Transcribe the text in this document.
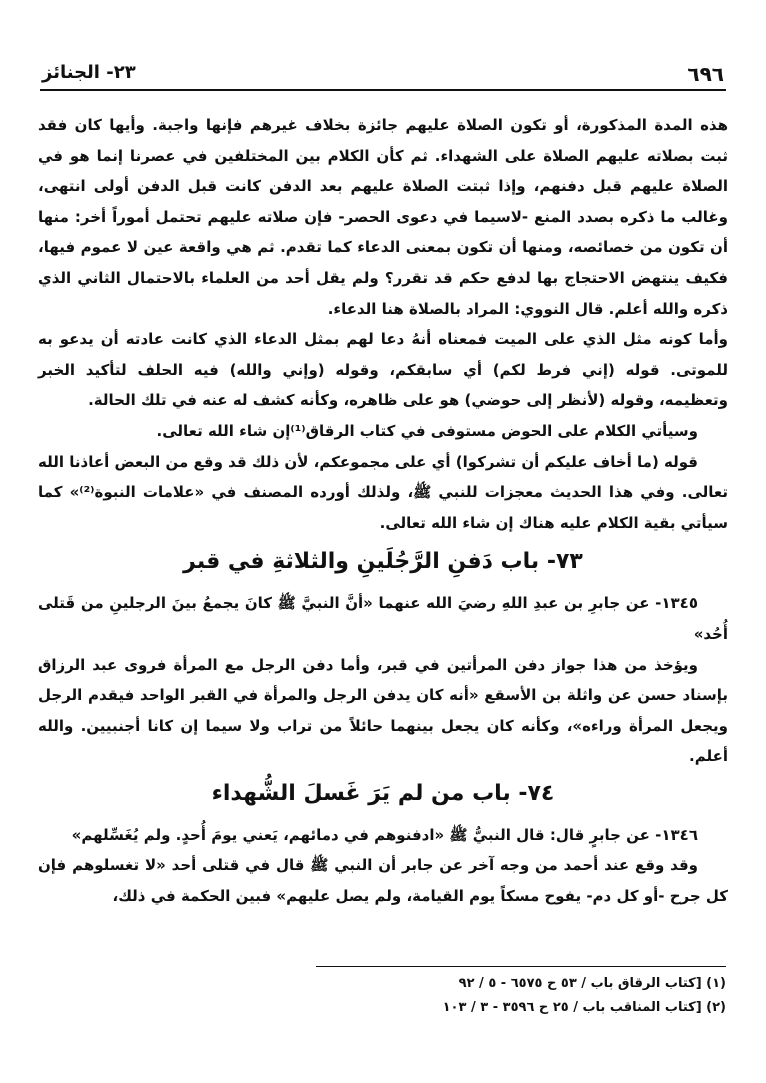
٦٩٦
٢٣- الجنائز

هذه المدة المذكورة، أو تكون الصلاة عليهم جائزة بخلاف غيرهم فإنها واجبة. وأيها كان فقد ثبت بصلاته عليهم الصلاة على الشهداء. ثم كأن الكلام بين المختلفين في عصرنا إنما هو في الصلاة عليهم قبل دفنهم، وإذا ثبتت الصلاة عليهم بعد الدفن كانت قبل الدفن أولى انتهى، وغالب ما ذكره بصدد المنع -لاسيما في دعوى الحصر- فإن صلاته عليهم تحتمل أموراً أخر: منها أن تكون من خصائصه، ومنها أن تكون بمعنى الدعاء كما تقدم. ثم هي واقعة عين لا عموم فيها، فكيف ينتهض الاحتجاج بها لدفع حكم قد تقرر؟ ولم يقل أحد من العلماء بالاحتمال الثاني الذي ذكره والله أعلم. قال النووي: المراد بالصلاة هنا الدعاء.

وأما كونه مثل الذي على الميت فمعناه أنهُ دعا لهم بمثل الدعاء الذي كانت عادته أن يدعو به للموتى. قوله (إني فرط لكم) أي سابقكم، وقوله (وإني والله) فيه الحلف لتأكيد الخبر وتعظيمه، وقوله (لأنظر إلى حوضي) هو على ظاهره، وكأنه كشف له عنه في تلك الحالة.

وسيأتي الكلام على الحوض مستوفى في كتاب الرقاق⁽¹⁾إن شاء الله تعالى.

قوله (ما أخاف عليكم أن تشركوا) أي على مجموعكم، لأن ذلك قد وقع من البعض أعاذنا الله تعالى. وفي هذا الحديث معجزات للنبي ﷺ، ولذلك أورده المصنف في «علامات النبوة⁽²⁾» كما سيأتي بقية الكلام عليه هناك إن شاء الله تعالى.

٧٣- باب دَفنِ الرَّجُلَينِ والثلاثةِ في قبر

١٣٤٥- عن جابرِ بن عبدِ اللهِ رضيَ الله عنهما «أنَّ النبيَّ ﷺ كانَ يجمعُ بينَ الرجلينِ من قَتلى أُحُد»

ويؤخذ من هذا جواز دفن المرأتين في قبر، وأما دفن الرجل مع المرأة فروى عبد الرزاق بإسناد حسن عن واثلة بن الأسقع «أنه كان يدفن الرجل والمرأة في القبر الواحد فيقدم الرجل ويجعل المرأة وراءه»، وكأنه كان يجعل بينهما حائلاً من تراب ولا سيما إن كانا أجنبيين. والله أعلم.

٧٤- باب من لم يَرَ غَسلَ الشُّهداء

١٣٤٦- عن جابرٍ قال: قال النبيُّ ﷺ «ادفنوهم في دمائهم، يَعني يومَ أُحدٍ. ولم يُغَسِّلهم»

وقد وقع عند أحمد من وجه آخر عن جابر أن النبي ﷺ قال في قتلى أحد «لا تغسلوهم فإن كل جرح -أو كل دم- يفوح مسكاً يوم القيامة، ولم يصل عليهم» فبين الحكمة في ذلك،

(١) [كتاب الرقاق باب / ٥٣ ح ٦٥٧٥ - ٥ / ٩٢
(٢) [كتاب المناقب باب / ٢٥ ح ٣٥٩٦ - ٣ / ١٠٣
